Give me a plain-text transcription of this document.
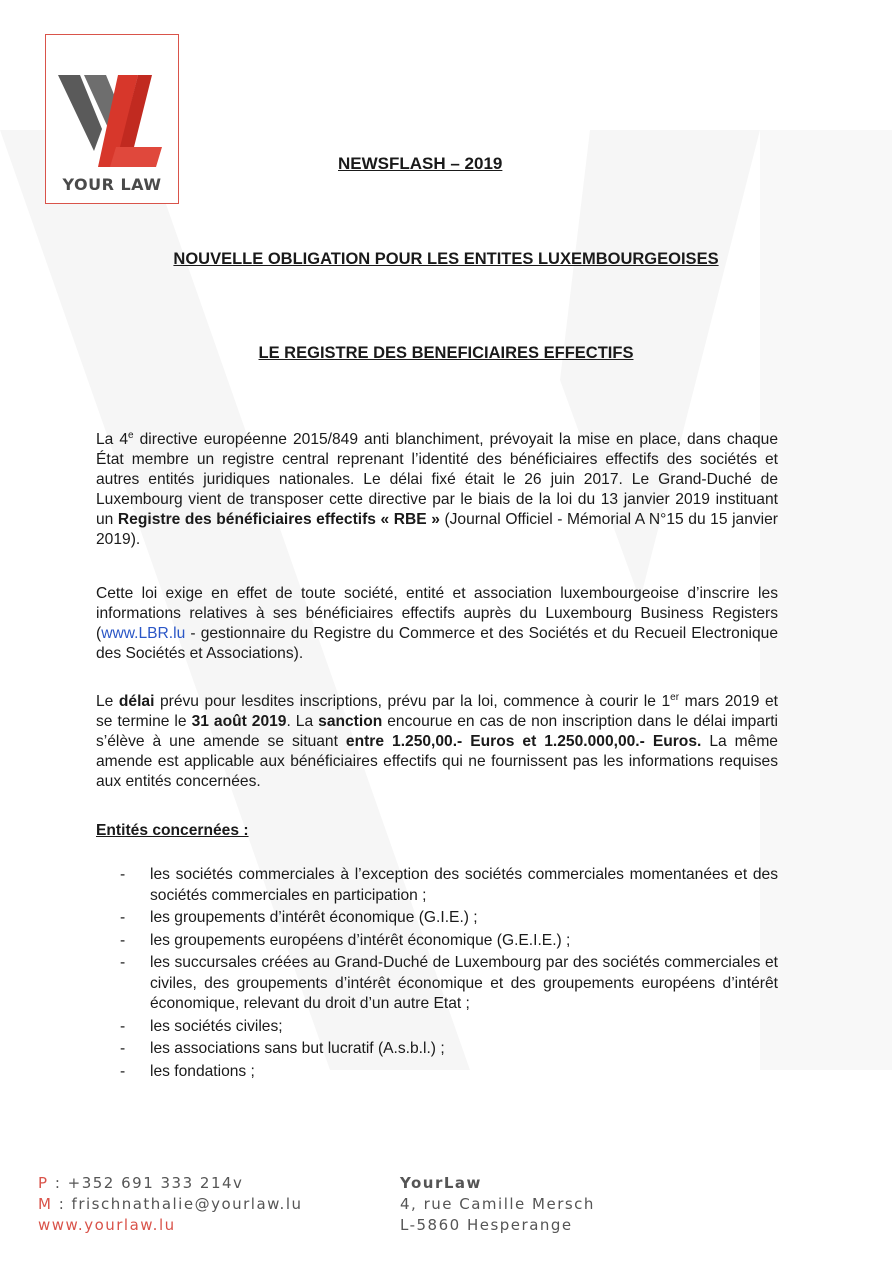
YOUR LAW
NEWSFLASH – 2019
NOUVELLE OBLIGATION POUR LES ENTITES LUXEMBOURGEOISES
LE REGISTRE DES BENEFICIAIRES EFFECTIFS
La 4e directive européenne 2015/849 anti blanchiment, prévoyait la mise en place, dans chaque État membre un registre central reprenant l’identité des bénéficiaires effectifs des sociétés et autres entités juridiques nationales. Le délai fixé était le 26 juin 2017. Le Grand-Duché de Luxembourg vient de transposer cette directive par le biais de la loi du 13 janvier 2019 instituant un Registre des bénéficiaires effectifs « RBE » (Journal Officiel - Mémorial A N°15 du 15 janvier 2019).
Cette loi exige en effet de toute société, entité et association luxembourgeoise d’inscrire les informations relatives à ses bénéficiaires effectifs auprès du Luxembourg Business Registers (www.LBR.lu - gestionnaire du Registre du Commerce et des Sociétés et du Recueil Electronique des Sociétés et Associations).
Le délai prévu pour lesdites inscriptions, prévu par la loi, commence à courir le 1er mars 2019 et se termine le 31 août 2019. La sanction encourue en cas de non inscription dans le délai imparti s’élève à une amende se situant entre 1.250,00.- Euros et 1.250.000,00.- Euros. La même amende est applicable aux bénéficiaires effectifs qui ne fournissent pas les informations requises aux entités concernées.
Entités concernées :
- les sociétés commerciales à l’exception des sociétés commerciales momentanées et des sociétés commerciales en participation ;
- les groupements d’intérêt économique (G.I.E.) ;
- les groupements européens d’intérêt économique (G.E.I.E.) ;
- les succursales créées au Grand-Duché de Luxembourg par des sociétés commerciales et civiles, des groupements d’intérêt économique et des groupements européens d’intérêt économique, relevant du droit d’un autre Etat ;
- les sociétés civiles;
- les associations sans but lucratif (A.s.b.l.) ;
- les fondations ;
P : +352 691 333 214v
M : frischnathalie@yourlaw.lu
www.yourlaw.lu
YourLaw
4, rue Camille Mersch
L-5860 Hesperange
